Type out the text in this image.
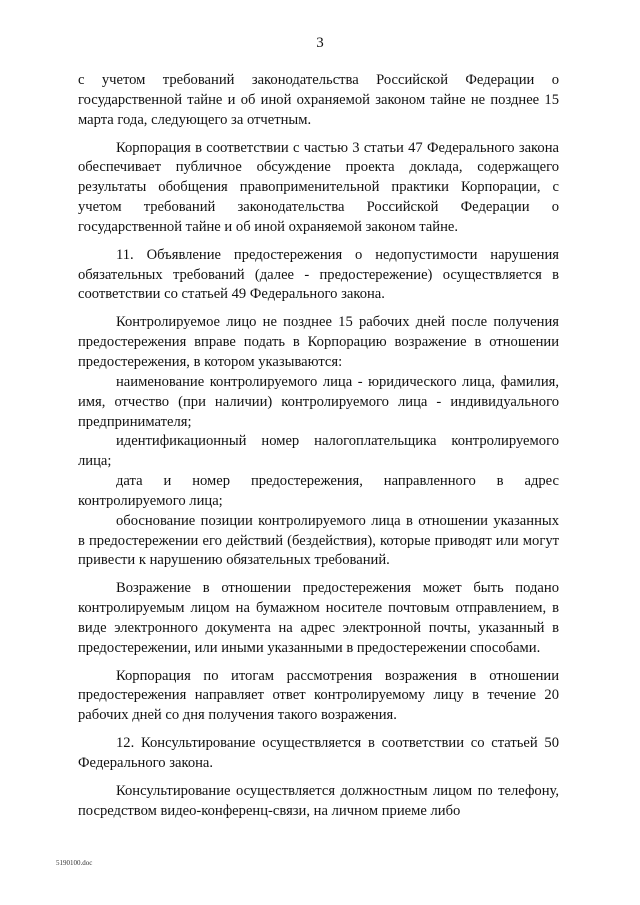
3

с учетом требований законодательства Российской Федерации о государственной тайне и об иной охраняемой законом тайне не позднее 15 марта года, следующего за отчетным.

Корпорация в соответствии с частью 3 статьи 47 Федерального закона обеспечивает публичное обсуждение проекта доклада, содержащего результаты обобщения правоприменительной практики Корпорации, с учетом требований законодательства Российской Федерации о государственной тайне и об иной охраняемой законом тайне.

11. Объявление предостережения о недопустимости нарушения обязательных требований (далее - предостережение) осуществляется в соответствии со статьей 49 Федерального закона.

Контролируемое лицо не позднее 15 рабочих дней после получения предостережения вправе подать в Корпорацию возражение в отношении предостережения, в котором указываются:

наименование контролируемого лица - юридического лица, фамилия, имя, отчество (при наличии) контролируемого лица - индивидуального предпринимателя;

идентификационный номер налогоплательщика контролируемого лица;

дата и номер предостережения, направленного в адрес контролируемого лица;

обоснование позиции контролируемого лица в отношении указанных в предостережении его действий (бездействия), которые приводят или могут привести к нарушению обязательных требований.

Возражение в отношении предостережения может быть подано контролируемым лицом на бумажном носителе почтовым отправлением, в виде электронного документа на адрес электронной почты, указанный в предостережении, или иными указанными в предостережении способами.

Корпорация по итогам рассмотрения возражения в отношении предостережения направляет ответ контролируемому лицу в течение 20 рабочих дней со дня получения такого возражения.

12. Консультирование осуществляется в соответствии со статьей 50 Федерального закона.

Консультирование осуществляется должностным лицом по телефону, посредством видео-конференц-связи, на личном приеме либо

5190100.doc
